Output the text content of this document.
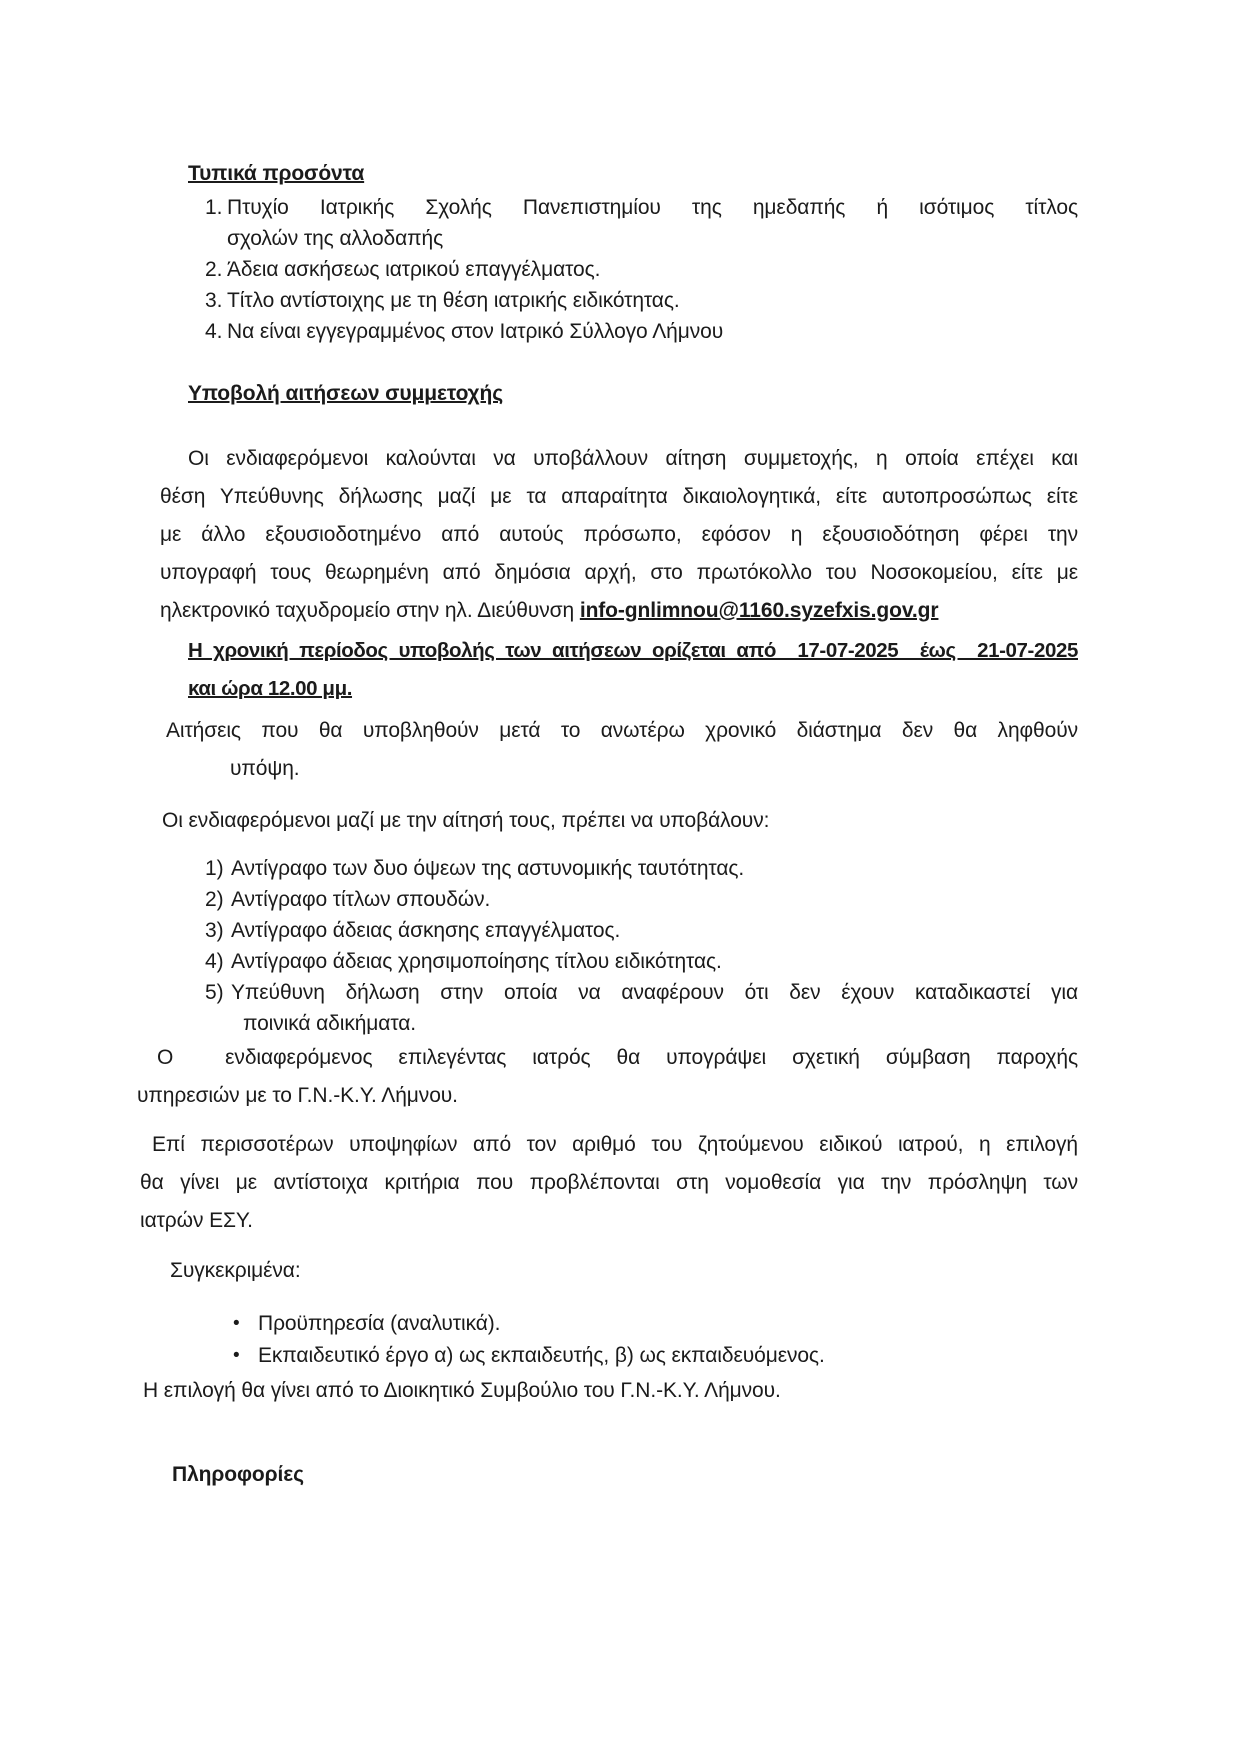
Τυπικά προσόντα
1. Πτυχίο Ιατρικής Σχολής Πανεπιστημίου της ημεδαπής ή ισότιμος τίτλος
σχολών της αλλοδαπής
2. Άδεια ασκήσεως ιατρικού επαγγέλματος.
3. Τίτλο αντίστοιχης με τη θέση ιατρικής ειδικότητας.
4. Να είναι εγγεγραμμένος στον Ιατρικό Σύλλογο Λήμνου
Υποβολή αιτήσεων συμμετοχής
Οι ενδιαφερόμενοι καλούνται να υποβάλλουν αίτηση συμμετοχής, η οποία επέχει και
θέση Υπεύθυνης δήλωσης μαζί με τα απαραίτητα δικαιολογητικά, είτε αυτοπροσώπως είτε
με άλλο εξουσιοδοτημένο από αυτούς πρόσωπο, εφόσον η εξουσιοδότηση φέρει την
υπογραφή τους θεωρημένη από δημόσια αρχή, στο πρωτόκολλο του Νοσοκομείου, είτε με
ηλεκτρονικό ταχυδρομείο στην ηλ. Διεύθυνση info-gnlimnou@1160.syzefxis.gov.gr
Η χρονική περίοδος υποβολής των αιτήσεων ορίζεται από  17-07-2025  έως  21-07-2025
και ώρα 12.00 μμ.
Αιτήσεις που θα υποβληθούν μετά το ανωτέρω χρονικό διάστημα δεν θα ληφθούν
υπόψη.
Οι ενδιαφερόμενοι μαζί με την αίτησή τους, πρέπει να υποβάλουν:
1) Αντίγραφο των δυο όψεων της αστυνομικής ταυτότητας.
2) Αντίγραφο τίτλων σπουδών.
3) Αντίγραφο άδειας άσκησης επαγγέλματος.
4) Αντίγραφο άδειας χρησιμοποίησης τίτλου ειδικότητας.
5) Υπεύθυνη δήλωση στην οποία να αναφέρουν ότι δεν έχουν καταδικαστεί για
ποινικά αδικήματα.
Ο  ενδιαφερόμενος επιλεγέντας ιατρός θα υπογράψει σχετική σύμβαση παροχής
υπηρεσιών με το Γ.Ν.-Κ.Υ. Λήμνου.
Επί περισσοτέρων υποψηφίων από τον αριθμό του ζητούμενου ειδικού ιατρού, η επιλογή
θα γίνει με αντίστοιχα κριτήρια που προβλέπονται στη νομοθεσία για την πρόσληψη των
ιατρών ΕΣΥ.
Συγκεκριμένα:
• Προϋπηρεσία (αναλυτικά).
• Εκπαιδευτικό έργο α) ως εκπαιδευτής, β) ως εκπαιδευόμενος.
Η επιλογή θα γίνει από το Διοικητικό Συμβούλιο του Γ.Ν.-Κ.Υ. Λήμνου.
Πληροφορίες
